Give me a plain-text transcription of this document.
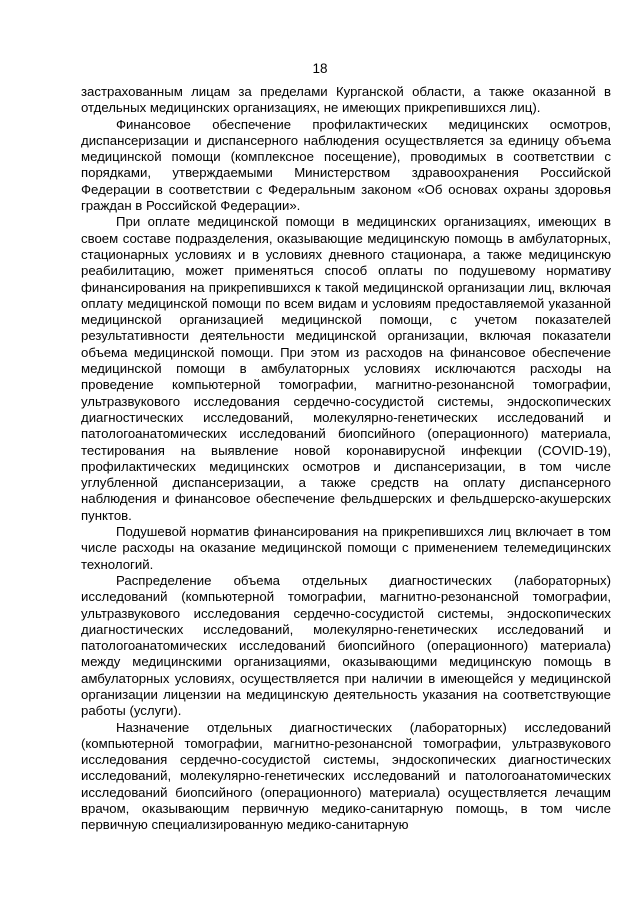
18

застрахованным лицам за пределами Курганской области, а также оказанной в отдельных медицинских организациях, не имеющих прикрепившихся лиц).

Финансовое обеспечение профилактических медицинских осмотров, диспансеризации и диспансерного наблюдения осуществляется за единицу объема медицинской помощи (комплексное посещение), проводимых в соответствии с порядками, утверждаемыми Министерством здравоохранения Российской Федерации в соответствии с Федеральным законом «Об основах охраны здоровья граждан в Российской Федерации».

При оплате медицинской помощи в медицинских организациях, имеющих в своем составе подразделения, оказывающие медицинскую помощь в амбулаторных, стационарных условиях и в условиях дневного стационара, а также медицинскую реабилитацию, может применяться способ оплаты по подушевому нормативу финансирования на прикрепившихся к такой медицинской организации лиц, включая оплату медицинской помощи по всем видам и условиям предоставляемой указанной медицинской организацией медицинской помощи, с учетом показателей результативности деятельности медицинской организации, включая показатели объема медицинской помощи. При этом из расходов на финансовое обеспечение медицинской помощи в амбулаторных условиях исключаются расходы на проведение компьютерной томографии, магнитно-резонансной томографии, ультразвукового исследования сердечно-сосудистой системы, эндоскопических диагностических исследований, молекулярно-генетических исследований и патологоанатомических исследований биопсийного (операционного) материала, тестирования на выявление новой коронавирусной инфекции (COVID-19), профилактических медицинских осмотров и диспансеризации, в том числе углубленной диспансеризации, а также средств на оплату диспансерного наблюдения и финансовое обеспечение фельдшерских и фельдшерско-акушерских пунктов.

Подушевой норматив финансирования на прикрепившихся лиц включает в том числе расходы на оказание медицинской помощи с применением телемедицинских технологий.

Распределение объема отдельных диагностических (лабораторных) исследований (компьютерной томографии, магнитно-резонансной томографии, ультразвукового исследования сердечно-сосудистой системы, эндоскопических диагностических исследований, молекулярно-генетических исследований и патологоанатомических исследований биопсийного (операционного) материала) между медицинскими организациями, оказывающими медицинскую помощь в амбулаторных условиях, осуществляется при наличии в имеющейся у медицинской организации лицензии на медицинскую деятельность указания на соответствующие работы (услуги).

Назначение отдельных диагностических (лабораторных) исследований (компьютерной томографии, магнитно-резонансной томографии, ультразвукового исследования сердечно-сосудистой системы, эндоскопических диагностических исследований, молекулярно-генетических исследований и патологоанатомических исследований биопсийного (операционного) материала) осуществляется лечащим врачом, оказывающим первичную медико-санитарную помощь, в том числе первичную специализированную медико-санитарную
